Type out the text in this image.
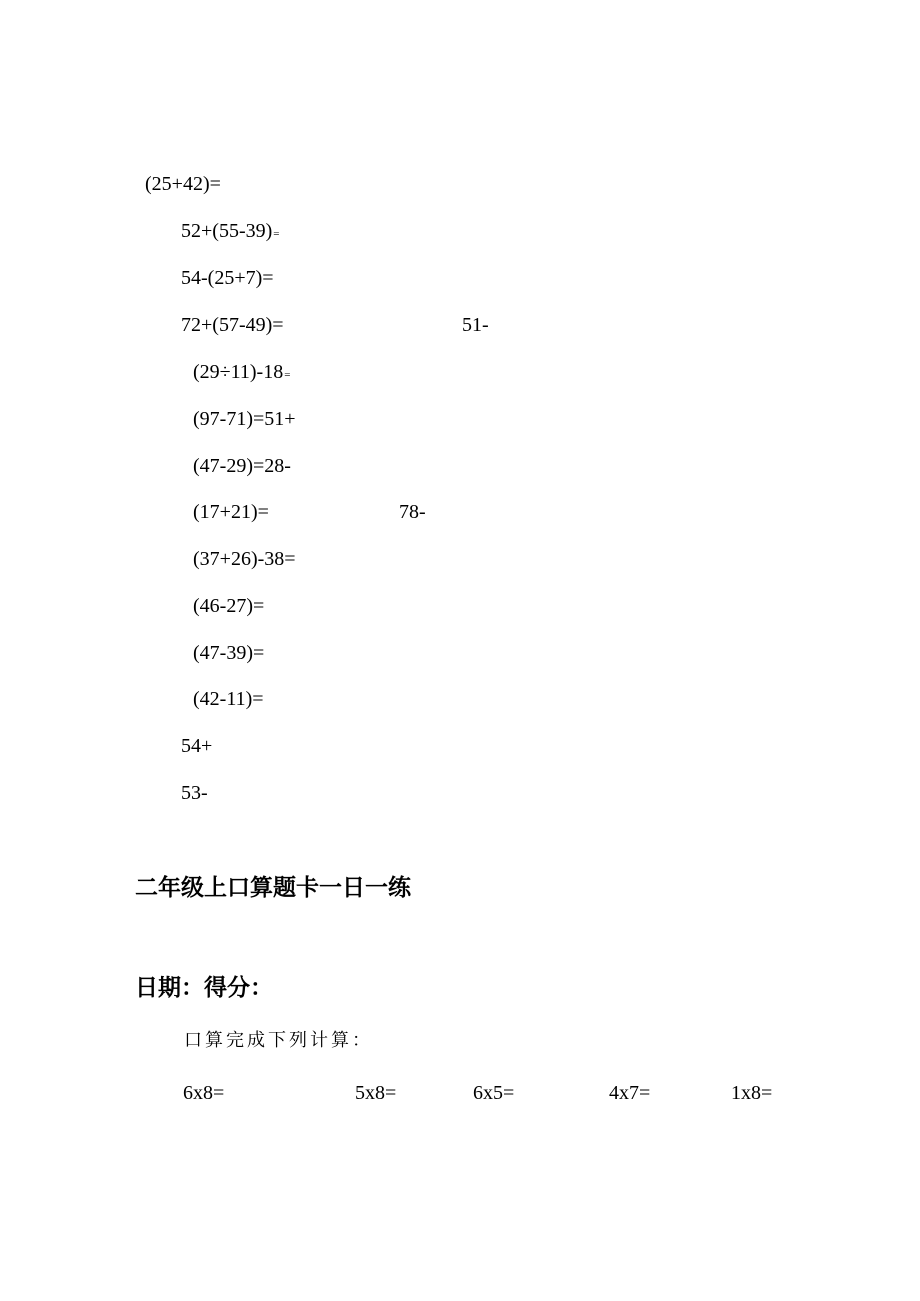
(25+42)=
52+(55-39)=
54-(25+7)=
72+(57-49)=	51-
(29÷11)-18=
(97-71)=51+
(47-29)=28-
(17+21)=	78-
(37+26)-38=
(46-27)=
(47-39)=
(42-11)=
54+
53-
二年级上口算题卡一日一练
日期：得分：
口算完成下列计算：
6x8=	5x8=	6x5=	4x7=	1x8=
